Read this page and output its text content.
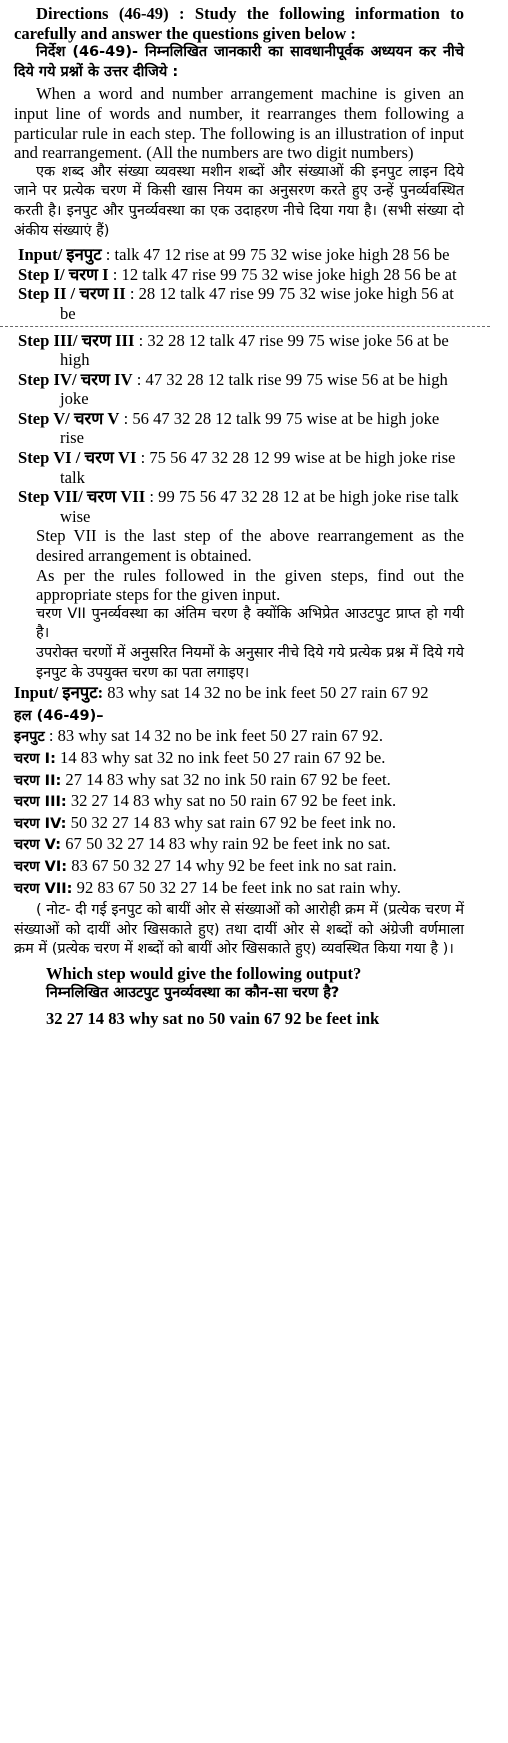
Directions (46-49) : Study the following information to carefully and answer the questions given below :

निर्देश (46-49)- निम्नलिखित जानकारी का सावधानीपूर्वक अध्ययन कर नीचे दिये गये प्रश्नों के उत्तर दीजिये :

When a word and number arrangement machine is given an input line of words and number, it rearranges them following a particular rule in each step. The following is an illustration of input and rearrangement. (All the numbers are two digit numbers)

एक शब्द और संख्या व्यवस्था मशीन शब्दों और संख्याओं की इनपुट लाइन दिये जाने पर प्रत्येक चरण में किसी खास नियम का अनुसरण करते हुए उन्हें पुनर्व्यवस्थित करती है। इनपुट और पुनर्व्यवस्था का एक उदाहरण नीचे दिया गया है। (सभी संख्या दो अंकीय संख्याएं हैं)

Input/ इनपुट : talk 47 12 rise at 99 75 32 wise joke high 28 56 be

Step I/ चरण I : 12 talk 47 rise 99 75 32 wise joke high 28 56 be at

Step II / चरण II : 28 12 talk 47 rise 99 75 32 wise joke high 56 at be

Step III/ चरण III : 32 28 12 talk 47 rise 99 75 wise joke 56 at be high

Step IV/ चरण IV : 47 32 28 12 talk rise 99 75 wise 56 at be high joke

Step V/ चरण V : 56 47 32 28 12 talk 99 75 wise at be high joke rise

Step VI / चरण VI : 75 56 47 32 28 12 99 wise at be high joke rise talk

Step VII/ चरण VII : 99 75 56 47 32 28 12 at be high joke rise talk wise

Step VII is the last step of the above rearrangement as the desired arrangement is obtained.

As per the rules followed in the given steps, find out the appropriate steps for the given input.

चरण VII पुनर्व्यवस्था का अंतिम चरण है क्योंकि अभिप्रेत आउटपुट प्राप्त हो गयी है।

उपरोक्त चरणों में अनुसरित नियमों के अनुसार नीचे दिये गये प्रत्येक प्रश्न में दिये गये इनपुट के उपयुक्त चरण का पता लगाइए।

Input/ इनपुट: 83 why sat 14 32 no be ink feet 50 27 rain 67 92

हल (46-49)–

इनपुट : 83 why sat 14 32 no be ink feet 50 27 rain 67 92.

चरण I: 14 83 why sat 32 no ink feet 50 27 rain 67 92 be.

चरण II: 27 14 83 why sat 32 no ink 50 rain 67 92 be feet.

चरण III: 32 27 14 83 why sat no 50 rain 67 92 be feet ink.

चरण IV: 50 32 27 14 83 why sat rain 67 92 be feet ink no.

चरण V: 67 50 32 27 14 83 why rain 92 be feet ink no sat.

चरण VI: 83 67 50 32 27 14 why 92 be feet ink no sat rain.

चरण VII: 92 83 67 50 32 27 14 be feet ink no sat rain why.

( नोट- दी गई इनपुट को बायीं ओर से संख्याओं को आरोही क्रम में (प्रत्येक चरण में संख्याओं को दायीं ओर खिसकाते हुए) तथा दायीं ओर से शब्दों को अंग्रेजी वर्णमाला क्रम में (प्रत्येक चरण में शब्दों को बायीं ओर खिसकाते हुए) व्यवस्थित किया गया है )।

Which step would give the following output?

निम्नलिखित आउटपुट पुनर्व्यवस्था का कौन-सा चरण है?

32 27 14 83 why sat no 50 vain 67 92 be feet ink
